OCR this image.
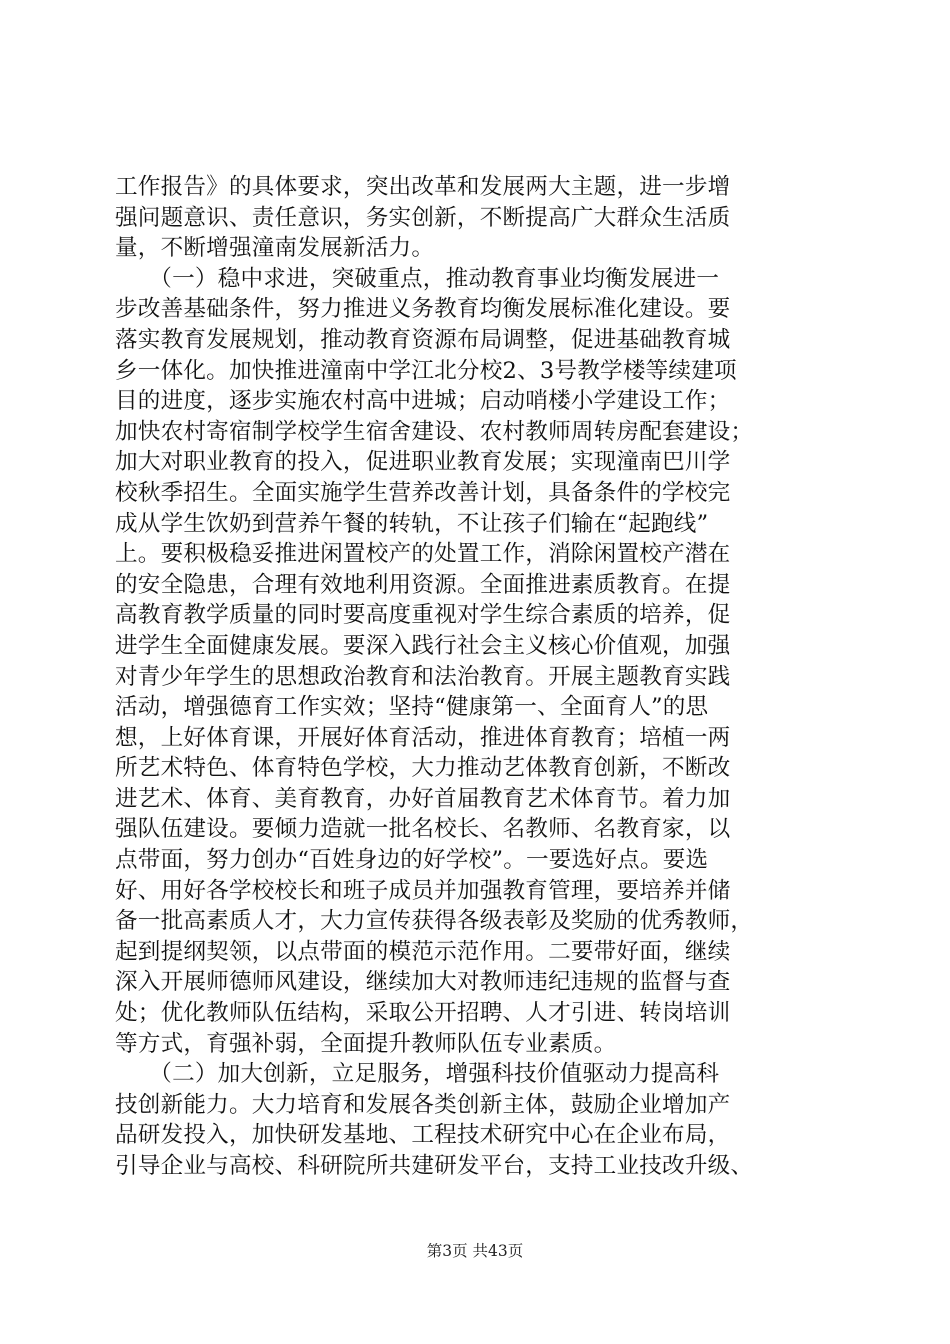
工作报告》的具体要求，突出改革和发展两大主题，进一步增
强问题意识、责任意识，务实创新，不断提高广大群众生活质
量，不断增强潼南发展新活力。
　　（一）稳中求进，突破重点，推动教育事业均衡发展进一
步改善基础条件，努力推进义务教育均衡发展标准化建设。要
落实教育发展规划，推动教育资源布局调整，促进基础教育城
乡一体化。加快推进潼南中学江北分校2、3号教学楼等续建项
目的进度，逐步实施农村高中进城；启动哨楼小学建设工作；
加快农村寄宿制学校学生宿舍建设、农村教师周转房配套建设；
加大对职业教育的投入，促进职业教育发展；实现潼南巴川学
校秋季招生。全面实施学生营养改善计划，具备条件的学校完
成从学生饮奶到营养午餐的转轨，不让孩子们输在“起跑线”
上。要积极稳妥推进闲置校产的处置工作，消除闲置校产潜在
的安全隐患，合理有效地利用资源。全面推进素质教育。在提
高教育教学质量的同时要高度重视对学生综合素质的培养，促
进学生全面健康发展。要深入践行社会主义核心价值观，加强
对青少年学生的思想政治教育和法治教育。开展主题教育实践
活动，增强德育工作实效；坚持“健康第一、全面育人”的思
想，上好体育课，开展好体育活动，推进体育教育；培植一两
所艺术特色、体育特色学校，大力推动艺体教育创新，不断改
进艺术、体育、美育教育，办好首届教育艺术体育节。着力加
强队伍建设。要倾力造就一批名校长、名教师、名教育家，以
点带面，努力创办“百姓身边的好学校”。一要选好点。要选
好、用好各学校校长和班子成员并加强教育管理，要培养并储
备一批高素质人才，大力宣传获得各级表彰及奖励的优秀教师，
起到提纲契领，以点带面的模范示范作用。二要带好面，继续
深入开展师德师风建设，继续加大对教师违纪违规的监督与查
处；优化教师队伍结构，采取公开招聘、人才引进、转岗培训
等方式，育强补弱，全面提升教师队伍专业素质。
　　（二）加大创新，立足服务，增强科技价值驱动力提高科
技创新能力。大力培育和发展各类创新主体，鼓励企业增加产
品研发投入，加快研发基地、工程技术研究中心在企业布局，
引导企业与高校、科研院所共建研发平台，支持工业技改升级、
第3页 共43页
